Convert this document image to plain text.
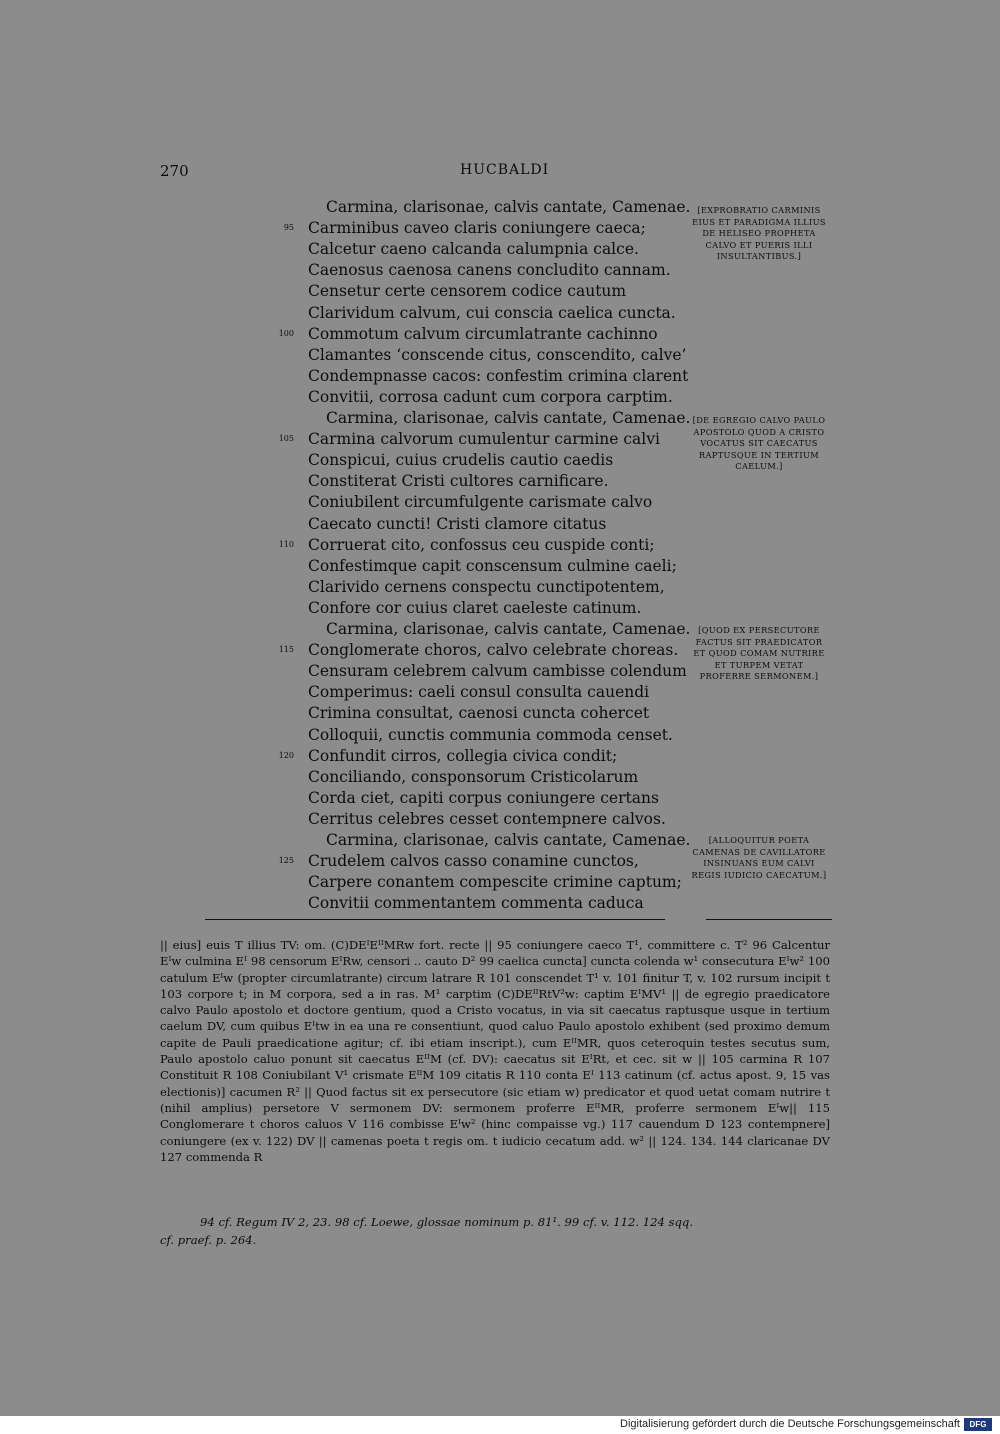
270	HUCBALDI
Carmina, clarisonae, calvis cantate, Camenae.
Carminibus caveo claris coniungere caeca;
95
Calcetur caeno calcanda calumpnia calce.
Caenosus caenosa canens concludito cannam.
Censetur certe censorem codice cautum
Clarividum calvum, cui conscia caelica cuncta.
Commotum calvum circumlatrante cachinno
100
Clamantes ‘conscende citus, conscendito, calve’
Condempnasse cacos: confestim crimina clarent
Convitii, corrosa cadunt cum corpora carptim.
Carmina, clarisonae, calvis cantate, Camenae.
Carmina calvorum cumulentur carmine calvi
105
Conspicui, cuius crudelis cautio caedis
Constiterat Cristi cultores carnificare.
Coniubilent circumfulgente carismate calvo
Caecato cuncti! Cristi clamore citatus
Corruerat cito, confossus ceu cuspide conti;
110
Confestimque capit conscensum culmine caeli;
Clarivido cernens conspectu cunctipotentem,
Confore cor cuius claret caeleste catinum.
Carmina, clarisonae, calvis cantate, Camenae.
Conglomerate choros, calvo celebrate choreas.
115
Censuram celebrem calvum cambisse colendum
Comperimus: caeli consul consulta cauendi
Crimina consultat, caenosi cuncta cohercet
Colloquii, cunctis communia commoda censet.
Confundit cirros, collegia civica condit;
120
Conciliando, consponsorum Cristicolarum
Corda ciet, capiti corpus coniungere certans
Cerritus celebres cesset contempnere calvos.
Carmina, clarisonae, calvis cantate, Camenae.
Crudelem calvos casso conamine cunctos,
125
Carpere conantem compescite crimine captum;
Convitii commentantem commenta caduca
[EXPROBRATIO CARMINIS
EIUS ET PARADIGMA ILLIUS
DE HELISEO PROPHETA
CALVO ET PUERIS ILLI
INSULTANTIBUS.]
[DE EGREGIO CALVO PAULO
APOSTOLO QUOD A CRISTO
VOCATUS SIT CAECATUS
RAPTUSQUE IN TERTIUM
CAELUM.]
[QUOD EX PERSECUTORE
FACTUS SIT PRAEDICATOR
ET QUOD COMAM NUTRIRE
ET TURPEM VETAT
PROFERRE SERMONEM.]
[ALLOQUITUR POETA
CAMENAS DE CAVILLATORE
INSINUANS EUM CALVI
REGIS IUDICIO CAECATUM.]
|| eius] euis T illius TV: om. (C)DEᴵEᴵᴵMRw fort. recte || 95 coniungere caeco T¹, committere c. T² 96 Calcentur Eᴵw culmina Eᴵ 98 censorum EᴵRw, censori .. cauto D² 99 caelica cuncta] cuncta colenda w¹ consecutura Eᴵw² 100 catulum Eᴵw (propter circumlatrante) circum latrare R 101 conscendet T¹ v. 101 finitur T, v. 102 rursum incipit t 103 corpore t; in M corpora, sed a in ras. M¹ carptim (C)DEᴵᴵRtV²w: captim EᴵMV¹ || de egregio praedicatore calvo Paulo apostolo et doctore gentium, quod a Cristo vocatus, in via sit caecatus raptusque usque in tertium caelum DV, cum quibus Eᴵtw in ea una re consentiunt, quod caluo Paulo apostolo exhibent (sed proximo demum capite de Pauli praedicatione agitur; cf. ibi etiam inscript.), cum EᴵᴵMR, quos ceteroquin testes secutus sum, Paulo apostolo caluo ponunt sit caecatus EᴵᴵM (cf. DV): caecatus sit EᴵRt, et cec. sit w || 105 carmina R 107 Constituit R 108 Coniubilant V¹ crismate EᴵᴵM 109 citatis R 110 conta Eᴵ 113 catinum (cf. actus apost. 9, 15 vas electionis)] cacumen R² || Quod factus sit ex persecutore (sic etiam w) predicator et quod uetat comam nutrire t (nihil amplius) persetore V sermonem DV: sermonem proferre EᴵᴵMR, proferre sermonem Eᴵw|| 115 Conglomerare t choros caluos V 116 combisse Eᴵw² (hinc compaisse vg.) 117 cauendum D 123 contempnere] coniungere (ex v. 122) DV || camenas poeta t regis om. t iudicio cecatum add. w² || 124. 134. 144 claricanae DV 127 commenda R
94 cf. Regum IV 2, 23. 98 cf. Loewe, glossae nominum p. 81¹. 99 cf. v. 112. 124 sqq.
cf. praef. p. 264.
Digitalisierung gefördert durch die Deutsche Forschungsgemeinschaft	DFG
